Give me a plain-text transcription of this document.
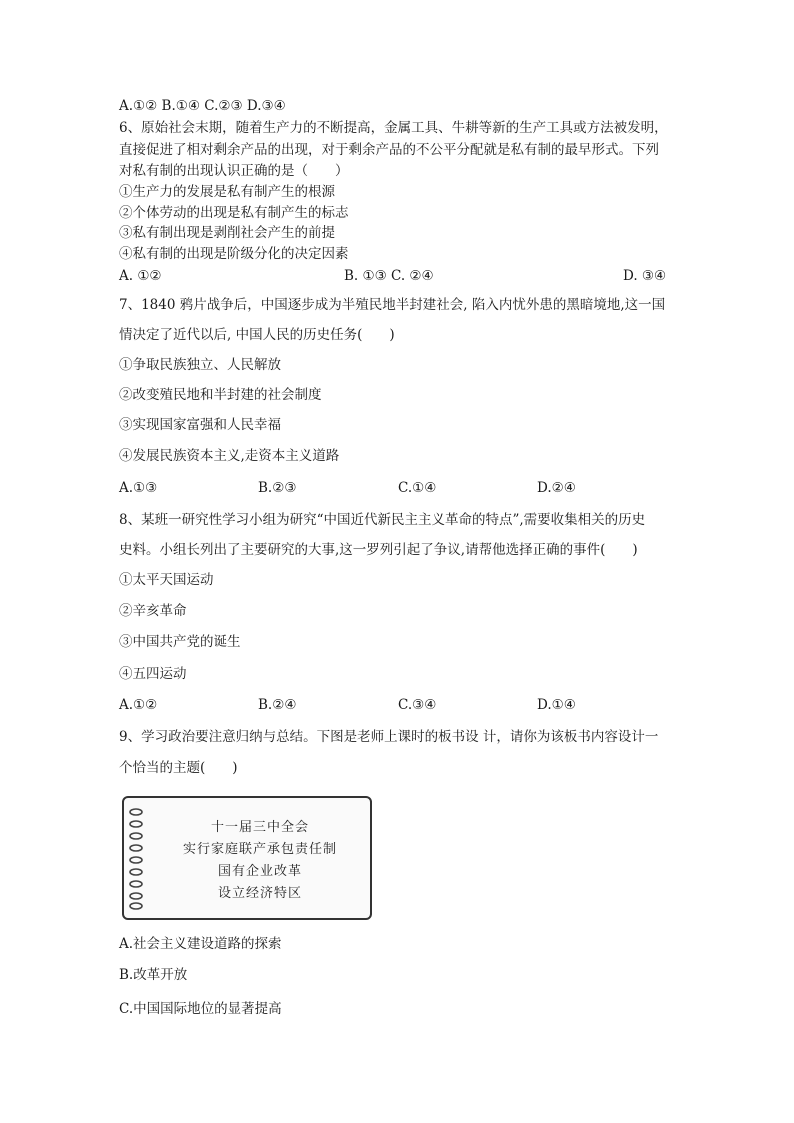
A.①② B.①④ C.②③ D.③④
6、原始社会末期，随着生产力的不断提高，金属工具、牛耕等新的生产工具或方法被发明，
直接促进了相对剩余产品的出现，对于剩余产品的不公平分配就是私有制的最早形式。下列
对私有制的出现认识正确的是（　　）
①生产力的发展是私有制产生的根源
②个体劳动的出现是私有制产生的标志
③私有制出现是剥削社会产生的前提
④私有制的出现是阶级分化的决定因素
A. ①②	B. ①③ C. ②④	D. ③④
7、1840 鸦片战争后，中国逐步成为半殖民地半封建社会, 陷入内忧外患的黑暗境地,这一国
情决定了近代以后, 中国人民的历史任务(　　)
①争取民族独立、人民解放
②改变殖民地和半封建的社会制度
③实现国家富强和人民幸福
④发展民族资本主义,走资本主义道路
A.①③	B.②③	C.①④	D.②④
8、某班一研究性学习小组为研究“中国近代新民主主义革命的特点”,需要收集相关的历史
史料。小组长列出了主要研究的大事,这一罗列引起了争议,请帮他选择正确的事件(　　)
①太平天国运动
②辛亥革命
③中国共产党的诞生
④五四运动
A.①②	B.②④	C.③④	D.①④
9、学习政治要注意归纳与总结。下图是老师上课时的板书设 计，请你为该板书内容设计一
个恰当的主题(　　)
十一届三中全会
实行家庭联产承包责任制
国有企业改革
设立经济特区
A.社会主义建设道路的探索
B.改革开放
C.中国国际地位的显著提高
